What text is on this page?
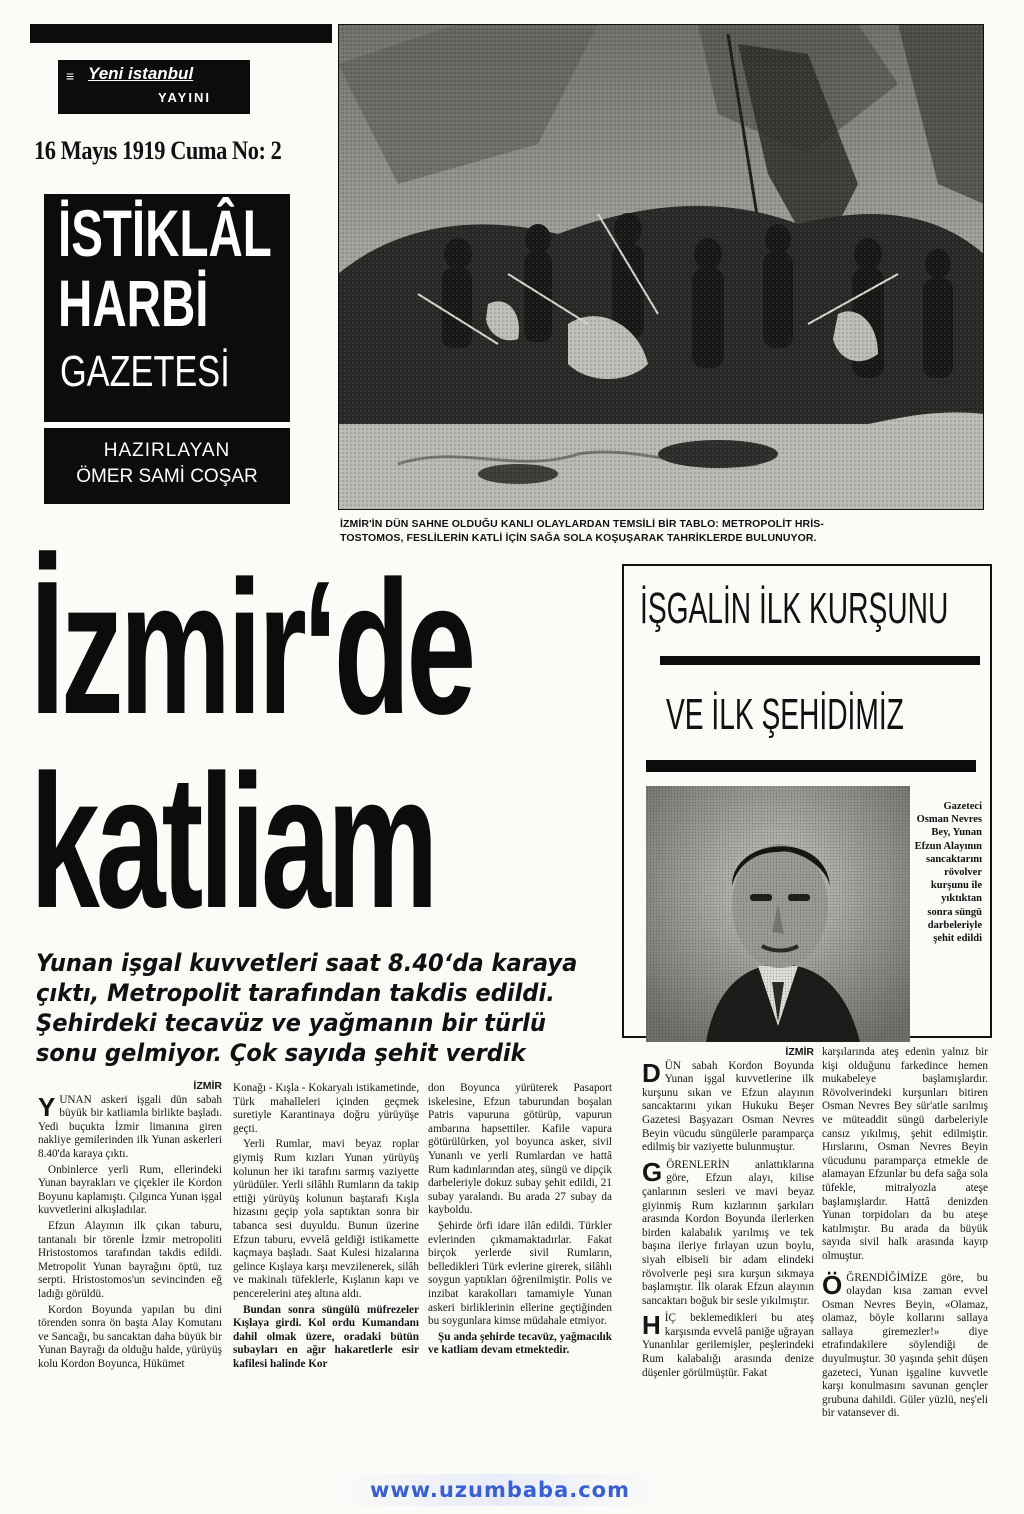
Yeni istanbul
≡
YAYINI
16 Mayıs 1919 Cuma No: 2
İSTİKLÂL
HARBİ
GAZETESİ
HAZIRLAYAN
ÖMER SAMİ COŞAR
İZMİR'İN DÜN SAHNE OLDUĞU KANLI OLAYLARDAN TEMSİLİ BİR TABLO: METROPOLİT HRİS-
TOSTOMOS, FESLİLERİN KATLİ İÇİN SAĞA SOLA KOŞUŞARAK TAHRİKLERDE BULUNUYOR.
İzmir‘de
katliam
Yunan işgal kuvvetleri saat 8.40‘da karaya
çıktı, Metropolit tarafından takdis edildi.
Şehirdeki tecavüz ve yağmanın bir türlü
sonu gelmiyor. Çok sayıda şehit verdik
İZMİR

YUNAN askeri işgali dün sabah büyük bir katliamla birlikte başladı. Yedi buçukta İzmir limanına giren nakliye gemilerinden ilk Yunan askerleri 8.40'da karaya çıktı.

Onbinlerce yerli Rum, ellerindeki Yunan bayrakları ve çiçekler ile Kordon Boyunu kaplamıştı. Çılgınca Yunan işgal kuvvetlerini alkışladılar.

Efzun Alayının ilk çıkan taburu, tantanalı bir törenle İzmir metropoliti Hristostomos tarafından takdis edildi. Metropolit Yunan bayrağını öptü, tuz serpti. Hristostomos'un sevincinden eğ ladığı görüldü.

Kordon Boyunda yapılan bu dini törenden sonra ön başta Alay Komutanı ve Sancağı, bu sancaktan daha büyük bir Yunan Bayrağı da olduğu halde, yürüyüş kolu Kordon Boyunca, Hükümet

Konağı - Kışla - Kokaryalı istikametinde, Türk mahalleleri içinden geçmek suretiyle Karantinaya doğru yürüyüşe geçti.

Yerli Rumlar, mavi beyaz roplar giymiş Rum kızları Yunan yürüyüş kolunun her iki tarafını sarmış vaziyette yürüdüler. Yerli silâhlı Rumların da takip ettiği yürüyüş kolunun baştarafı Kışla hizasını geçip yola saptıktan sonra bir tabanca sesi duyuldu. Bunun üzerine Efzun taburu, evvelâ geldiği istikamette kaçmaya başladı. Saat Kulesi hizalarına gelince Kışlaya karşı mevzilenerek, silâh ve makinalı tüfeklerle, Kışlanın kapı ve pencerelerini ateş altına aldı.

Bundan sonra süngülü müfrezeler Kışlaya girdi. Kol ordu Kumandanı dahil olmak üzere, oradaki bütün subayları en ağır hakaretlerle esir kafilesi halinde Kor

don Boyunca yürüterek Pasaport iskelesine, Efzun taburundan boşalan Patris vapuruna götürüp, vapurun ambarına hapsettiler. Kafile vapura götürülürken, yol boyunca asker, sivil Yunanlı ve yerli Rumlardan ve hattâ Rum kadınlarından ateş, süngü ve dipçik darbeleriyle dokuz subay şehit edildi, 21 subay yaralandı. Bu arada 27 subay da kayboldu.

Şehirde örfi idare ilân edildi. Türkler evlerinden çıkmamaktadırlar. Fakat birçok yerlerde sivil Rumların, belledikleri Türk evlerine girerek, silâhlı soygun yaptıkları öğrenilmiştir. Polis ve inzibat karakolları tamamiyle Yunan askeri birliklerinin ellerine geçtiğinden bu soygunlara kimse müdahale etmiyor.

Şu anda şehirde tecavüz, yağmacılık ve katliam devam etmektedir.

İŞGALİN İLK KURŞUNU
VE İLK ŞEHİDİMİZ
Gazeteci Osman Nevres Bey, Yunan Efzun Alayının sancaktarını rövolver kurşunu ile yıktıktan sonra süngü darbeleriyle şehit edildi
İZMİR

DÜN sabah Kordon Boyunda Yunan işgal kuvvetlerine ilk kurşunu sıkan ve Efzun alayının sancaktarını yıkan Hukuku Beşer Gazetesi Başyazarı Osman Nevres Beyin vücudu süngülerle paramparça edilmiş bir vaziyette bulunmuştur.

GÖRENLERİN anlattıklarına göre, Efzun alayı, kilise çanlarının sesleri ve mavi beyaz giyinmiş Rum kızlarının şarkıları arasında Kordon Boyunda ilerlerken birden kalabalık yarılmış ve tek başına ileriye fırlayan uzun boylu, siyah elbiseli bir adam elindeki rövolverle peşi sıra kurşun sıkmaya başlamıştır. İlk olarak Efzun alayının sancaktarı boğuk bir sesle yıkılmıştır.

HİÇ beklemedikleri bu ateş karşısında evvelâ paniğe uğrayan Yunanlılar gerilemişler, peşlerindeki Rum kalabalığı arasında denize düşenler görülmüştür. Fakat

karşılarında ateş edenin yalnız bir kişi olduğunu farkedince hemen mukabeleye başlamışlardır. Rövolverindeki kurşunları bitiren Osman Nevres Bey sür'atle sarılmış ve müteaddit süngü darbeleriyle cansız yıkılmış, şehit edilmiştir. Hırslarını, Osman Nevres Beyin vücudunu paramparça etmekle de alamayan Efzunlar bu defa sağa sola tüfekle, mitralyozla ateşe başlamışlardır. Hattâ denizden Yunan torpidoları da bu ateşe katılmıştır. Bu arada da büyük sayıda sivil halk arasında kayıp olmuştur.

ÖĞRENDİĞİMİZE göre, bu olaydan kısa zaman evvel Osman Nevres Beyin, «Olamaz, olamaz, böyle kollarını sallaya sallaya giremezler!» diye etrafındakilere söylendiği de duyulmuştur. 30 yaşında şehit düşen gazeteci, Yunan işgaline kuvvetle karşı konulmasını savunan gençler grubuna dahildi. Güler yüzlü, neş'eli bir vatansever di.

www.uzumbaba.com
